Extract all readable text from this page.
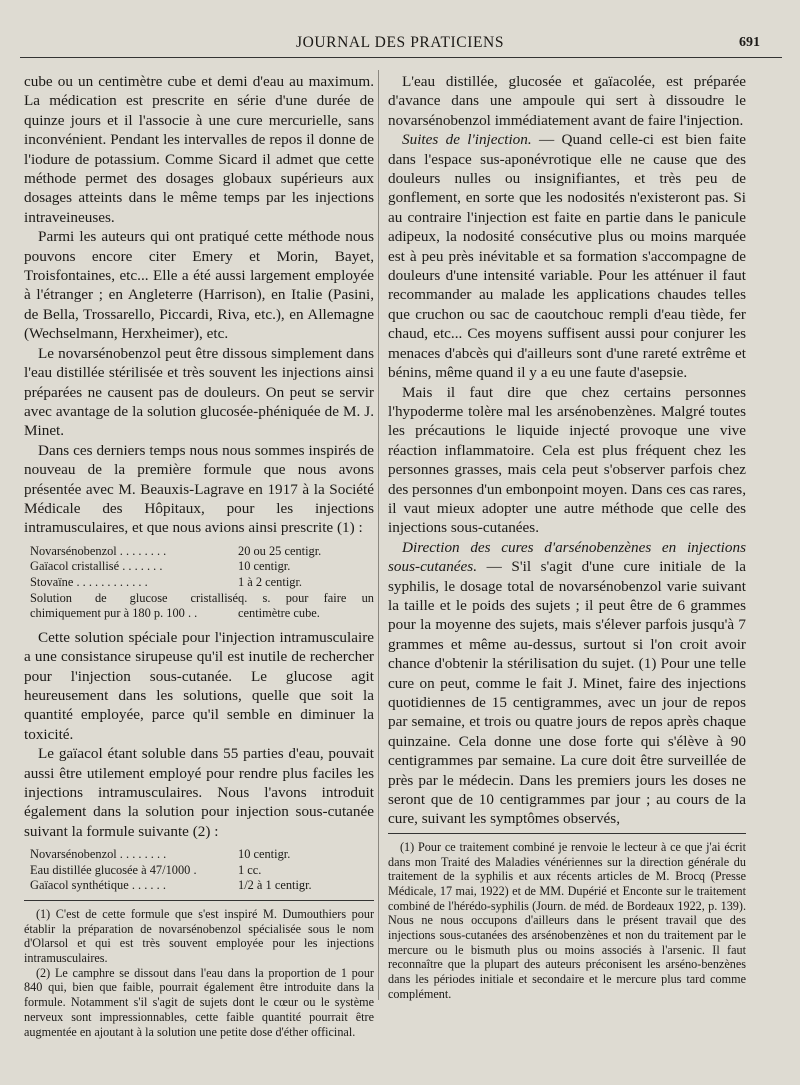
JOURNAL DES PRATICIENS	691

cube ou un centimètre cube et demi d'eau au maximum. La médication est prescrite en série d'une durée de quinze jours et il l'associe à une cure mercurielle, sans inconvénient. Pendant les intervalles de repos il donne de l'iodure de potassium. Comme Sicard il admet que cette méthode permet des dosages globaux supérieurs aux dosages atteints dans le même temps par les injections intraveineuses.

Parmi les auteurs qui ont pratiqué cette méthode nous pouvons encore citer Emery et Morin, Bayet, Troisfontaines, etc... Elle a été aussi largement employée à l'étranger ; en Angleterre (Harrison), en Italie (Pasini, de Bella, Trossarello, Piccardi, Riva, etc.), en Allemagne (Wechselmann, Herxheimer), etc.

Le novarsénobenzol peut être dissous simplement dans l'eau distillée stérilisée et très souvent les injections ainsi préparées ne causent pas de douleurs. On peut se servir avec avantage de la solution glucosée-phéniquée de M. J. Minet.

Dans ces derniers temps nous nous sommes inspirés de nouveau de la première formule que nous avons présentée avec M. Beauxis-Lagrave en 1917 à la Société Médicale des Hôpitaux, pour les injections intramusculaires, et que nous avions ainsi prescrite (1) :

Novarsénobenzol . . . . . . . .	20 ou 25 centigr.
Gaïacol cristallisé . . . . . . .	10 centigr.
Stovaïne . . . . . . . . . . . .	1 à 2 centigr.
Solution de glucose cristallisé chimiquement pur à 180 p. 100 . .
q. s. pour faire un centimètre cube.

Cette solution spéciale pour l'injection intramusculaire a une consistance sirupeuse qu'il est inutile de rechercher pour l'injection sous-cutanée. Le glucose agit heureusement dans les solutions, quelle que soit la quantité employée, parce qu'il semble en diminuer la toxicité.

Le gaïacol étant soluble dans 55 parties d'eau, pouvait aussi être utilement employé pour rendre plus faciles les injections intramusculaires. Nous l'avons introduit également dans la solution pour injection sous-cutanée suivant la formule suivante (2) :

Novarsénobenzol . . . . . . . .	10 centigr.
Eau distillée glucosée à 47/1000 .	1 cc.
Gaïacol synthétique . . . . . .	1/2 à 1 centigr.

(1) C'est de cette formule que s'est inspiré M. Dumouthiers pour établir la préparation de novarsénobenzol spécialisée sous le nom d'Olarsol et qui est très souvent employée pour les injections intramusculaires.

(2) Le camphre se dissout dans l'eau dans la proportion de 1 pour 840 qui, bien que faible, pourrait également être introduite dans la formule. Notamment s'il s'agit de sujets dont le cœur ou le système nerveux sont impressionnables, cette faible quantité pourrait être augmentée en ajoutant à la solution une petite dose d'éther officinal.

L'eau distillée, glucosée et gaïacolée, est préparée d'avance dans une ampoule qui sert à dissoudre le novarsénobenzol immédiatement avant de faire l'injection.

Suites de l'injection. — Quand celle-ci est bien faite dans l'espace sus-aponévrotique elle ne cause que des douleurs nulles ou insignifiantes, et très peu de gonflement, en sorte que les nodosités n'existeront pas. Si au contraire l'injection est faite en partie dans le panicule adipeux, la nodosité consécutive plus ou moins marquée est à peu près inévitable et sa formation s'accompagne de douleurs d'une intensité variable. Pour les atténuer il faut recommander au malade les applications chaudes telles que cruchon ou sac de caoutchouc rempli d'eau tiède, fer chaud, etc... Ces moyens suffisent aussi pour conjurer les menaces d'abcès qui d'ailleurs sont d'une rareté extrême et bénins, même quand il y a eu une faute d'asepsie.

Mais il faut dire que chez certains personnes l'hypoderme tolère mal les arsénobenzènes. Malgré toutes les précautions le liquide injecté provoque une vive réaction inflammatoire. Cela est plus fréquent chez les personnes grasses, mais cela peut s'observer parfois chez des personnes d'un embonpoint moyen. Dans ces cas rares, il vaut mieux adopter une autre méthode que celle des injections sous-cutanées.

Direction des cures d'arsénobenzènes en injections sous-cutanées. — S'il s'agit d'une cure initiale de la syphilis, le dosage total de novarsénobenzol varie suivant la taille et le poids des sujets ; il peut être de 6 grammes pour la moyenne des sujets, mais s'élever parfois jusqu'à 7 grammes et même au-dessus, surtout si l'on croit avoir chance d'obtenir la stérilisation du sujet. (1) Pour une telle cure on peut, comme le fait J. Minet, faire des injections quotidiennes de 15 centigrammes, avec un jour de repos par semaine, et trois ou quatre jours de repos après chaque quinzaine. Cela donne une dose forte qui s'élève à 90 centigrammes par semaine. La cure doit être surveillée de près par le médecin. Dans les premiers jours les doses ne seront que de 10 centigrammes par jour ; au cours de la cure, suivant les symptômes observés,

(1) Pour ce traitement combiné je renvoie le lecteur à ce que j'ai écrit dans mon Traité des Maladies vénériennes sur la direction générale du traitement de la syphilis et aux récents articles de M. Brocq (Presse Médicale, 17 mai, 1922) et de MM. Dupérié et Enconte sur le traitement combiné de l'hérédo-syphilis (Journ. de méd. de Bordeaux 1922, p. 139). Nous ne nous occupons d'ailleurs dans le présent travail que des injections sous-cutanées des arsénobenzènes et non du traitement par le mercure ou le bismuth plus ou moins associés à l'arsenic. Il faut reconnaître que la plupart des auteurs préconisent les arséno-benzènes dans les périodes initiale et secondaire et le mercure plus tard comme complément.
